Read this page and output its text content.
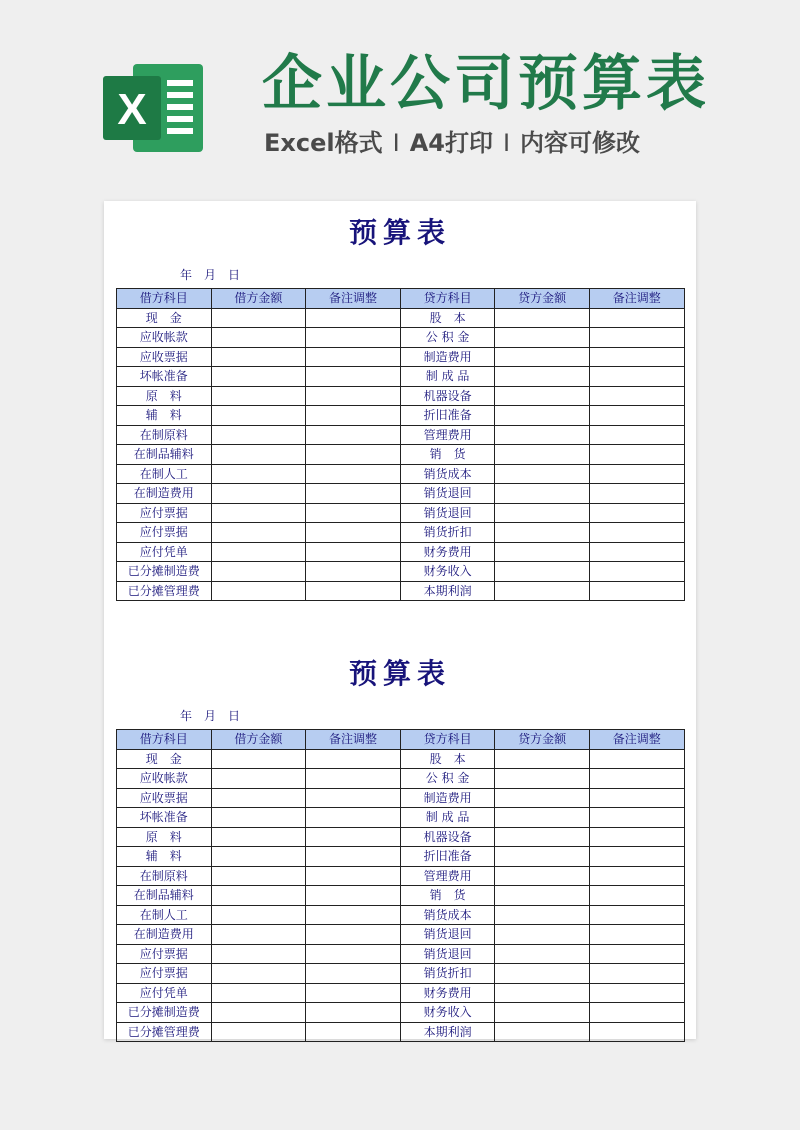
X 企业公司预算表
Excel格式 I A4打印 I 内容可修改
预算表
年 月 日
借方科目	借方金额	备注调整	贷方科目	贷方金额	备注调整
现　金			股　本		
应收帐款			公 积 金		
应收票据			制造费用		
坏帐准备			制 成 品		
原　料			机器设备		
辅　料			折旧准备		
在制原料			管理费用		
在制品辅料			销　货		
在制人工			销货成本		
在制造费用			销货退回		
应付票据			销货退回		
应付票据			销货折扣		
应付凭单			财务费用		
已分摊制造费			财务收入		
已分摊管理费			本期利润		
预算表
年 月 日
借方科目	借方金额	备注调整	贷方科目	贷方金额	备注调整
现　金			股　本		
应收帐款			公 积 金		
应收票据			制造费用		
坏帐准备			制 成 品		
原　料			机器设备		
辅　料			折旧准备		
在制原料			管理费用		
在制品辅料			销　货		
在制人工			销货成本		
在制造费用			销货退回		
应付票据			销货退回		
应付票据			销货折扣		
应付凭单			财务费用		
已分摊制造费			财务收入		
已分摊管理费			本期利润		
